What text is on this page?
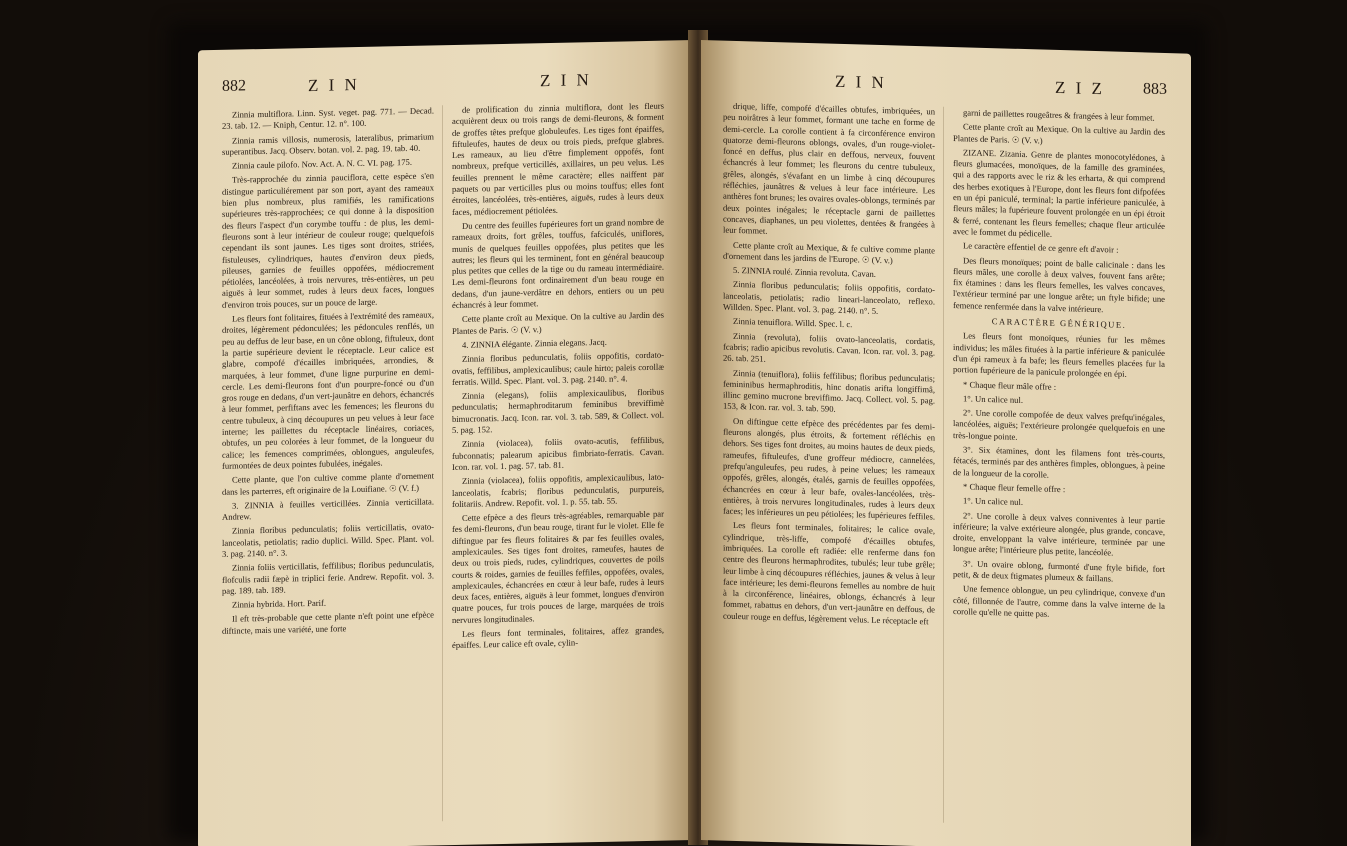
882	Z I N	Z I N

Zinnia multiflora. Linn. Syst. veget. pag. 771. — Decad. 23. tab. 12. — Kniph, Centur. 12. n°. 100.

Zinnia ramis villosis, numerosis, lateralibus, primarium superantibus. Jacq. Observ. botan. vol. 2. pag. 19. tab. 40.

Zinnia caule pilofo. Nov. Act. A. N. C. VI. pag. 175.

Très-rapprochée du zinnia pauciflora, cette espèce s'en distingue particuliérement par son port, ayant des rameaux bien plus nombreux, plus ramifiés, les ramifications supérieures très-rapprochées; ce qui donne à la disposition des fleurs l'aspect d'un corymbe touffu : de plus, les demi-fleurons sont à leur intérieur de couleur rouge; quelquefois cependant ils sont jaunes. Les tiges sont droites, striées, fistuleuses, cylindriques, hautes d'environ deux pieds, pileuses, garnies de feuilles oppofées, médiocrement pétiolées, lancéolées, à trois nervures, très-entières, un peu aiguës à leur sommet, rudes à leurs deux faces, longues d'environ trois pouces, sur un pouce de large.

Les fleurs font folitaires, fituées à l'extrémité des rameaux, droites, légèrement pédonculées; les pédoncules renflés, un peu au deffus de leur base, en un cône oblong, fiftuleux, dont la partie supérieure devient le réceptacle. Leur calice est glabre, compofé d'écailles imbriquées, arrondies, & marquées, à leur fommet, d'une ligne purpurine en demi-cercle. Les demi-fleurons font d'un pourpre-foncé ou d'un gros rouge en dedans, d'un vert-jaunâtre en dehors, échancrés à leur fommet, perfiftans avec les femences; les fleurons du centre tubuleux, à cinq découpures un peu velues à leur face interne; les paillettes du réceptacle linéaires, coriaces, obtufes, un peu colorées à leur fommet, de la longueur du calice; les femences comprimées, oblongues, anguleufes, furmontées de deux pointes fubulées, inégales.

Cette plante, que l'on cultive comme plante d'ornement dans les parterres, eft originaire de la Louifiane. ☉ (V. f.)

3. ZINNIA à feuilles verticillées. Zinnia verticillata. Andrew.

Zinnia floribus pedunculatis; foliis verticillatis, ovato-lanceolatis, petiolatis; radio duplici. Willd. Spec. Plant. vol. 3. pag. 2140. n°. 3.

Zinnia foliis verticillatis, feffilibus; floribus pedunculatis, flofculis radii fæpè in triplici ferie. Andrew. Repofit. vol. 3. pag. 189. tab. 189.

Zinnia hybrida. Hort. Parif.

Il eft très-probable que cette plante n'eft point une efpèce diftincte, mais une variété, une forte

de prolification du zinnia multiflora, dont les fleurs acquièrent deux ou trois rangs de demi-fleurons, & forment de groffes têtes prefque globuleufes. Les tiges font épaiffes, fiftuleufes, hautes de deux ou trois pieds, prefque glabres. Les rameaux, au lieu d'être fimplement oppofés, font nombreux, prefque verticillés, axillaires, un peu velus. Les feuilles prennent le même caractère; elles naiffent par paquets ou par verticilles plus ou moins touffus; elles font étroites, lancéolées, très-entières, aiguës, rudes à leurs deux faces, médiocrement pétiolées.

Du centre des feuilles fupérieures fort un grand nombre de rameaux droits, fort grêles, touffus, fafciculés, uniflores, munis de quelques feuilles oppofées, plus petites que les autres; les fleurs qui les terminent, font en général beaucoup plus petites que celles de la tige ou du rameau intermédiaire. Les demi-fleurons font ordinairement d'un beau rouge en dedans, d'un jaune-verdâtre en dehors, entiers ou un peu échancrés à leur fommet.

Cette plante croît au Mexique. On la cultive au Jardin des Plantes de Paris. ☉ (V. v.)

4. ZINNIA élégante. Zinnia elegans. Jacq.

Zinnia floribus pedunculatis, foliis oppofitis, cordato-ovatis, feffilibus, amplexicaulibus; caule hirto; paleis corollæ ferratis. Willd. Spec. Plant. vol. 3. pag. 2140. n°. 4.

Zinnia (elegans), foliis amplexicaulibus, floribus pedunculatis; hermaphroditarum feminibus breviffimè bimucronatis. Jacq. Icon. rar. vol. 3. tab. 589, & Collect. vol. 5. pag. 152.

Zinnia (violacea), foliis ovato-acutis, feffilibus, fubconnatis; palearum apicibus fimbriato-ferratis. Cavan. Icon. rar. vol. 1. pag. 57. tab. 81.

Zinnia (violacea), foliis oppofitis, amplexicaulibus, lato-lanceolatis, fcabris; floribus pedunculatis, purpureis, folitariis. Andrew. Repofit. vol. 1. p. 55. tab. 55.

Cette efpèce a des fleurs très-agréables, remarquable par fes demi-fleurons, d'un beau rouge, tirant fur le violet. Elle fe diftingue par fes fleurs folitaires & par fes feuilles ovales, amplexicaules. Ses tiges font droites, rameufes, hautes de deux ou trois pieds, rudes, cylindriques, couvertes de poils courts & roides, garnies de feuilles feffiles, oppofées, ovales, amplexicaules, échancrées en cœur à leur bafe, rudes à leurs deux faces, entières, aiguës à leur fommet, longues d'environ quatre pouces, fur trois pouces de large, marquées de trois nervures longitudinales.

Les fleurs font terminales, folitaires, affez grandes, épaiffes. Leur calice eft ovale, cylin-

Z I N	Z I Z 883

drique, liffe, compofé d'écailles obtufes, imbriquées, un peu noirâtres à leur fommet, formant une tache en forme de demi-cercle. La corolle contient à fa circonférence environ quatorze demi-fleurons oblongs, ovales, d'un rouge-violet-foncé en deffus, plus clair en deffous, nerveux, fouvent échancrés à leur fommet; les fleurons du centre tubuleux, grêles, alongés, s'évafant en un limbe à cinq découpures réfléchies, jaunâtres & velues à leur face intérieure. Les anthères font brunes; les ovaires ovales-oblongs, terminés par deux pointes inégales; le réceptacle garni de paillettes concaves, diaphanes, un peu violettes, dentées & frangées à leur fommet.

Cette plante croît au Mexique, & fe cultive comme plante d'ornement dans les jardins de l'Europe. ☉ (V. v.)

5. ZINNIA roulé. Zinnia revoluta. Cavan.

Zinnia floribus pedunculatis; foliis oppofitis, cordato-lanceolatis, petiolatis; radio lineari-lanceolato, reflexo. Willden. Spec. Plant. vol. 3. pag. 2140. n°. 5.

Zinnia tenuiflora. Willd. Spec. l. c.

Zinnia (revoluta), foliis ovato-lanceolatis, cordatis, fcabris; radio apicibus revolutis. Cavan. Icon. rar. vol. 3. pag. 26. tab. 251.

Zinnia (tenuiflora), foliis feffilibus; floribus pedunculatis; femininibus hermaphroditis, hinc donatis arifta longiffimâ, illinc gemino mucrone breviffimo. Jacq. Collect. vol. 5. pag. 153, & Icon. rar. vol. 3. tab. 590.

On diftingue cette efpèce des précédentes par fes demi-fleurons alongés, plus étroits, & fortement réfléchis en dehors. Ses tiges font droites, au moins hautes de deux pieds, rameufes, fiftuleufes, d'une groffeur médiocre, cannelées, prefqu'anguleufes, peu rudes, à peine velues; les rameaux oppofés, grêles, alongés, étalés, garnis de feuilles oppofées, échancrées en cœur à leur bafe, ovales-lancéolées, très-entières, à trois nervures longitudinales, rudes à leurs deux faces; les inférieures un peu pétiolées; les fupérieures feffiles.

Les fleurs font terminales, folitaires; le calice ovale, cylindrique, très-liffe, compofé d'écailles obtufes, imbriquées. La corolle eft radiée: elle renferme dans fon centre des fleurons hermaphrodites, tubulés; leur tube grêle; leur limbe à cinq découpures réfléchies, jaunes & velus à leur face intérieure; les demi-fleurons femelles au nombre de huit à la circonférence, linéaires, oblongs, échancrés à leur fommet, rabattus en dehors, d'un vert-jaunâtre en deffous, de couleur rouge en deffus, légèrement velus. Le réceptacle eft

garni de paillettes rougeâtres & frangées à leur fommet.

Cette plante croît au Mexique. On la cultive au Jardin des Plantes de Paris. ☉ (V. v.)

ZIZANE. Zizania. Genre de plantes monocotylédones, à fleurs glumacées, monoïques, de la famille des graminées, qui a des rapports avec le riz & les erharta, & qui comprend des herbes exotiques à l'Europe, dont les fleurs font difpofées en un épi paniculé, terminal; la partie inférieure paniculée, à fleurs mâles; la fupérieure fouvent prolongée en un épi étroit & ferré, contenant les fleurs femelles; chaque fleur articulée avec le fommet du pédicelle.

Le caractère effentiel de ce genre eft d'avoir :

Des fleurs monoïques; point de balle calicinale : dans les fleurs mâles, une corolle à deux valves, fouvent fans arête; fix étamines : dans les fleurs femelles, les valves concaves, l'extérieur terminé par une longue arête; un ftyle bifide; une femence renfermée dans la valve intérieure.

CARACTÈRE GÉNÉRIQUE.

Les fleurs font monoïques, réunies fur les mêmes individus; les mâles fituées à la partie inférieure & paniculée d'un épi rameux à fa bafe; les fleurs femelles placées fur la portion fupérieure de la panicule prolongée en épi.

* Chaque fleur mâle offre :

1°. Un calice nul.

2°. Une corolle compofée de deux valves prefqu'inégales, lancéolées, aiguës; l'extérieure prolongée quelquefois en une très-longue pointe.

3°. Six étamines, dont les filamens font très-courts, fétacés, terminés par des anthères fimples, oblongues, à peine de la longueur de la corolle.

* Chaque fleur femelle offre :

1°. Un calice nul.

2°. Une corolle à deux valves conniventes à leur partie inférieure; la valve extérieure alongée, plus grande, concave, droite, enveloppant la valve intérieure, terminée par une longue arête; l'intérieure plus petite, lancéolée.

3°. Un ovaire oblong, furmonté d'une ftyle bifide, fort petit, & de deux ftigmates plumeux & faillans.

Une femence oblongue, un peu cylindrique, convexe d'un côté, fillonnée de l'autre, comme dans la valve interne de la corolle qu'elle ne quitte pas.
